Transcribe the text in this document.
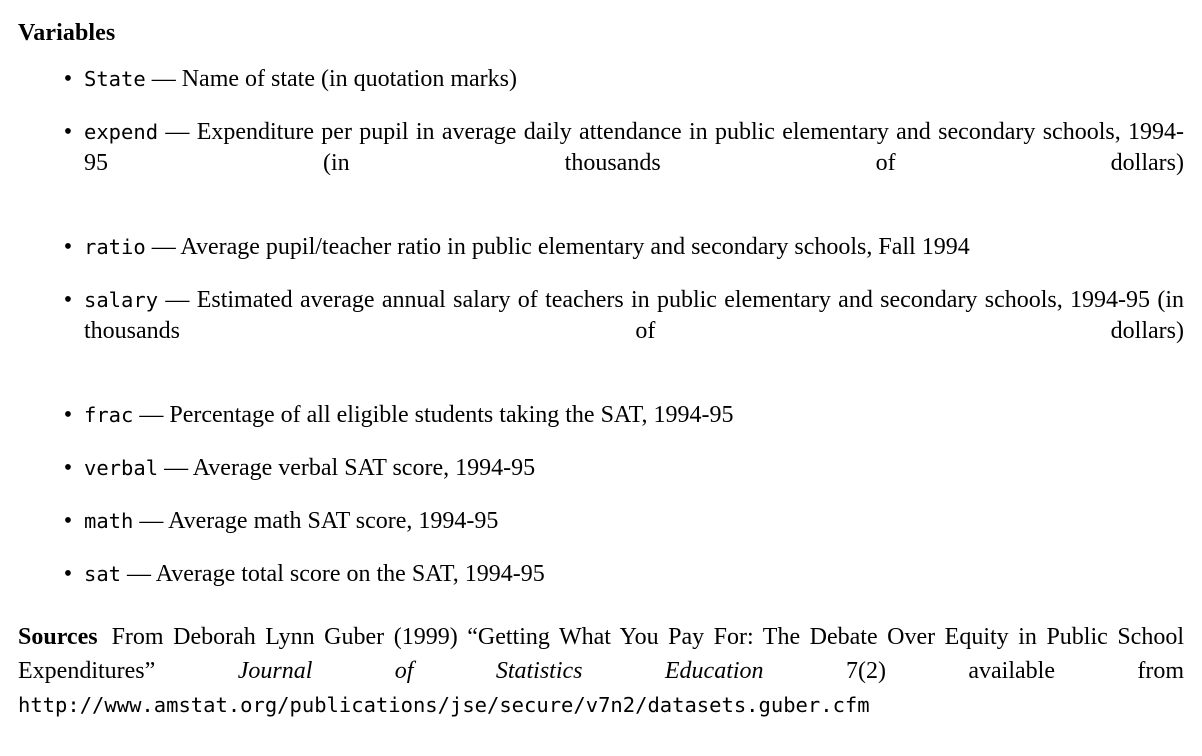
Variables
• State — Name of state (in quotation marks)
• expend — Expenditure per pupil in average daily attendance in public elementary and secondary schools, 1994-95 (in thousands of dollars)
• ratio — Average pupil/teacher ratio in public elementary and secondary schools, Fall 1994
• salary — Estimated average annual salary of teachers in public elementary and secondary schools, 1994-95 (in thousands of dollars)
• frac — Percentage of all eligible students taking the SAT, 1994-95
• verbal — Average verbal SAT score, 1994-95
• math — Average math SAT score, 1994-95
• sat — Average total score on the SAT, 1994-95

Sources From Deborah Lynn Guber (1999) “Getting What You Pay For: The Debate Over Equity in Public School Expenditures”	Journal of Statistics Education	7(2)	available from http://www.amstat.org/publications/jse/secure/v7n2/datasets.guber.cfm
